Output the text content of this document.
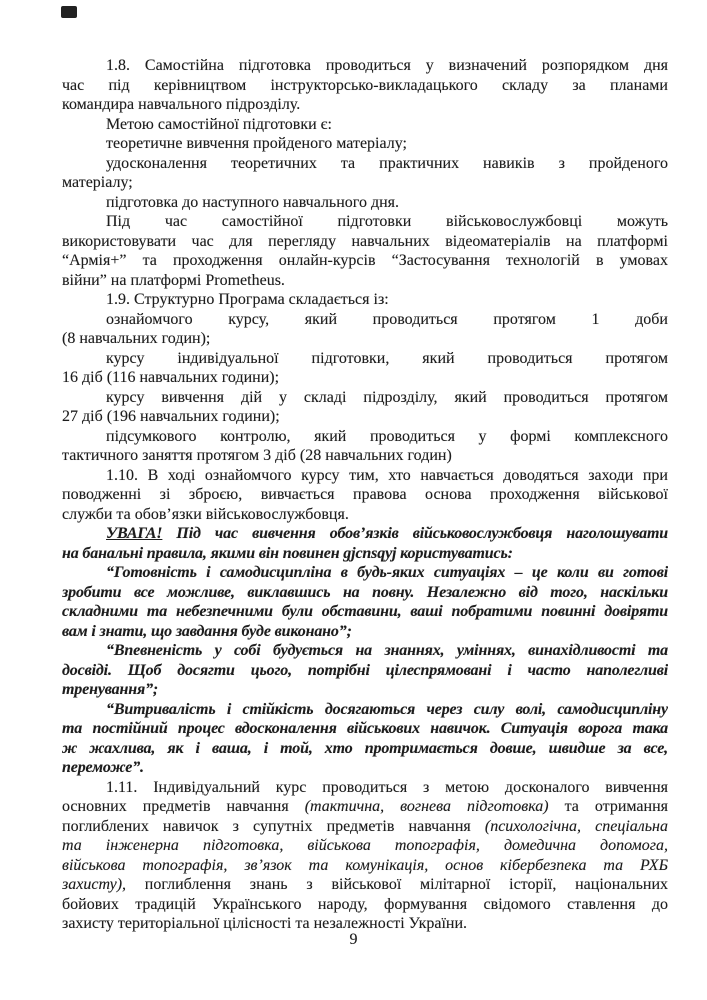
1.8. Самостійна підготовка проводиться у визначений розпорядком дня
час під керівництвом інструкторсько-викладацького складу за планами
командира навчального підрозділу.
Метою самостійної підготовки є:
теоретичне вивчення пройденого матеріалу;
удосконалення теоретичних та практичних навиків з пройденого
матеріалу;
підготовка до наступного навчального дня.
Під час самостійної підготовки військовослужбовці можуть
використовувати час для перегляду навчальних відеоматеріалів на платформі
“Армія+” та проходження онлайн-курсів “Застосування технологій в умовах
війни” на платформі Prometheus.
1.9. Структурно Програма складається із:
ознайомчого курсу, який проводиться протягом 1 доби
(8 навчальних годин);
курсу індивідуальної підготовки, який проводиться протягом
16 діб (116 навчальних години);
курсу вивчення дій у складі підрозділу, який проводиться протягом
27 діб (196 навчальних години);
підсумкового контролю, який проводиться у формі комплексного
тактичного заняття протягом 3 діб (28 навчальних годин)
1.10. В ході ознайомчого курсу тим, хто навчається доводяться заходи при
поводженні зі зброєю, вивчається правова основа проходження військової
служби та обов’язки військовослужбовця.
УВАГА! Під час вивчення обов’язків військовослужбовця наголошувати
на банальні правила, якими він повинен gjcnsqyj користуватись:
“Готовність і самодисципліна в будь-яких ситуаціях – це коли ви готові
зробити все можливе, виклавшись на повну. Незалежно від того, наскільки
складними та небезпечними були обставини, ваші побратими повинні довіряти
вам і знати, що завдання буде виконано”;
“Впевненість у собі будується на знаннях, уміннях, винахідливості та
досвіді. Щоб досягти цього, потрібні цілеспрямовані і часто наполегливі
тренування”;
“Витривалість і стійкість досягаються через силу волі, самодисципліну
та постійний процес вдосконалення військових навичок. Ситуація ворога така
ж жахлива, як і ваша, і той, хто протримається довше, швидше за все,
переможе”.
1.11. Індивідуальний курс проводиться з метою досконалого вивчення
основних предметів навчання (тактична, вогнева підготовка) та отримання
поглиблених навичок з супутніх предметів навчання (психологічна, спеціальна
та інженерна підготовка, військова топографія, домедична допомога,
військова топографія, зв’язок та комунікація, основ кібербезпека та РХБ
захисту), поглиблення знань з військової мілітарної історії, національних
бойових традицій Українського народу, формування свідомого ставлення до
захисту територіальної цілісності та незалежності України.
9
